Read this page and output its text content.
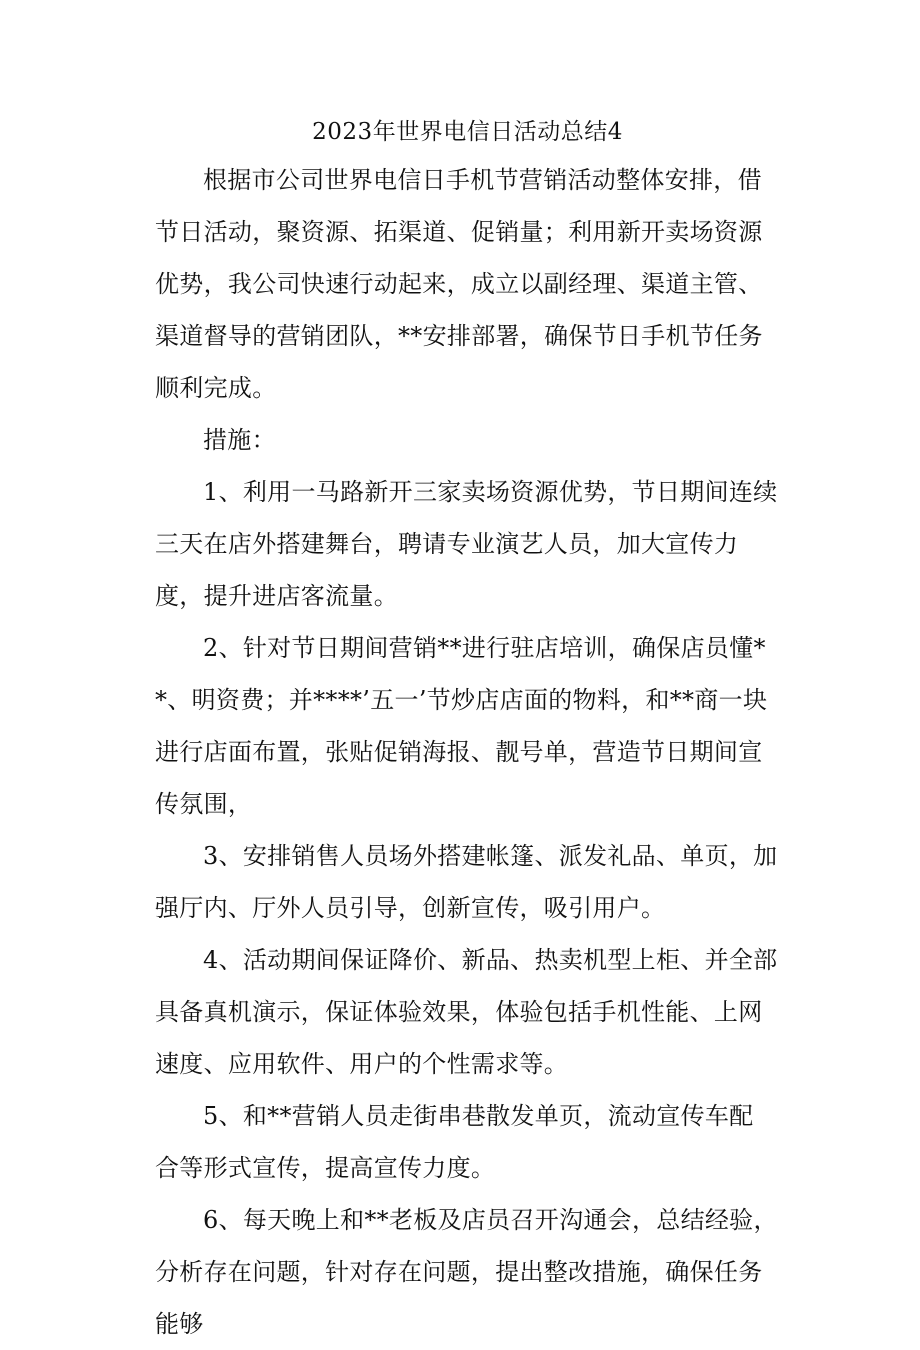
2023年世界电信日活动总结4

根据市公司世界电信日手机节营销活动整体安排，借节日活动，聚资源、拓渠道、促销量；利用新开卖场资源优势，我公司快速行动起来，成立以副经理、渠道主管、渠道督导的营销团队，**安排部署，确保节日手机节任务顺利完成。

措施：

1、利用一马路新开三家卖场资源优势，节日期间连续三天在店外搭建舞台，聘请专业演艺人员，加大宣传力度，提升进店客流量。

2、针对节日期间营销**进行驻店培训，确保店员懂**、明资费；并****’五一’节炒店店面的物料，和**商一块进行店面布置，张贴促销海报、靓号单，营造节日期间宣传氛围，

3、安排销售人员场外搭建帐篷、派发礼品、单页，加强厅内、厅外人员引导，创新宣传，吸引用户。

4、活动期间保证降价、新品、热卖机型上柜、并全部具备真机演示，保证体验效果，体验包括手机性能、上网速度、应用软件、用户的个性需求等。

5、和**营销人员走街串巷散发单页，流动宣传车配

合等形式宣传，提高宣传力度。

6、每天晚上和**老板及店员召开沟通会，总结经验，分析存在问题，针对存在问题，提出整改措施，确保任务能够
